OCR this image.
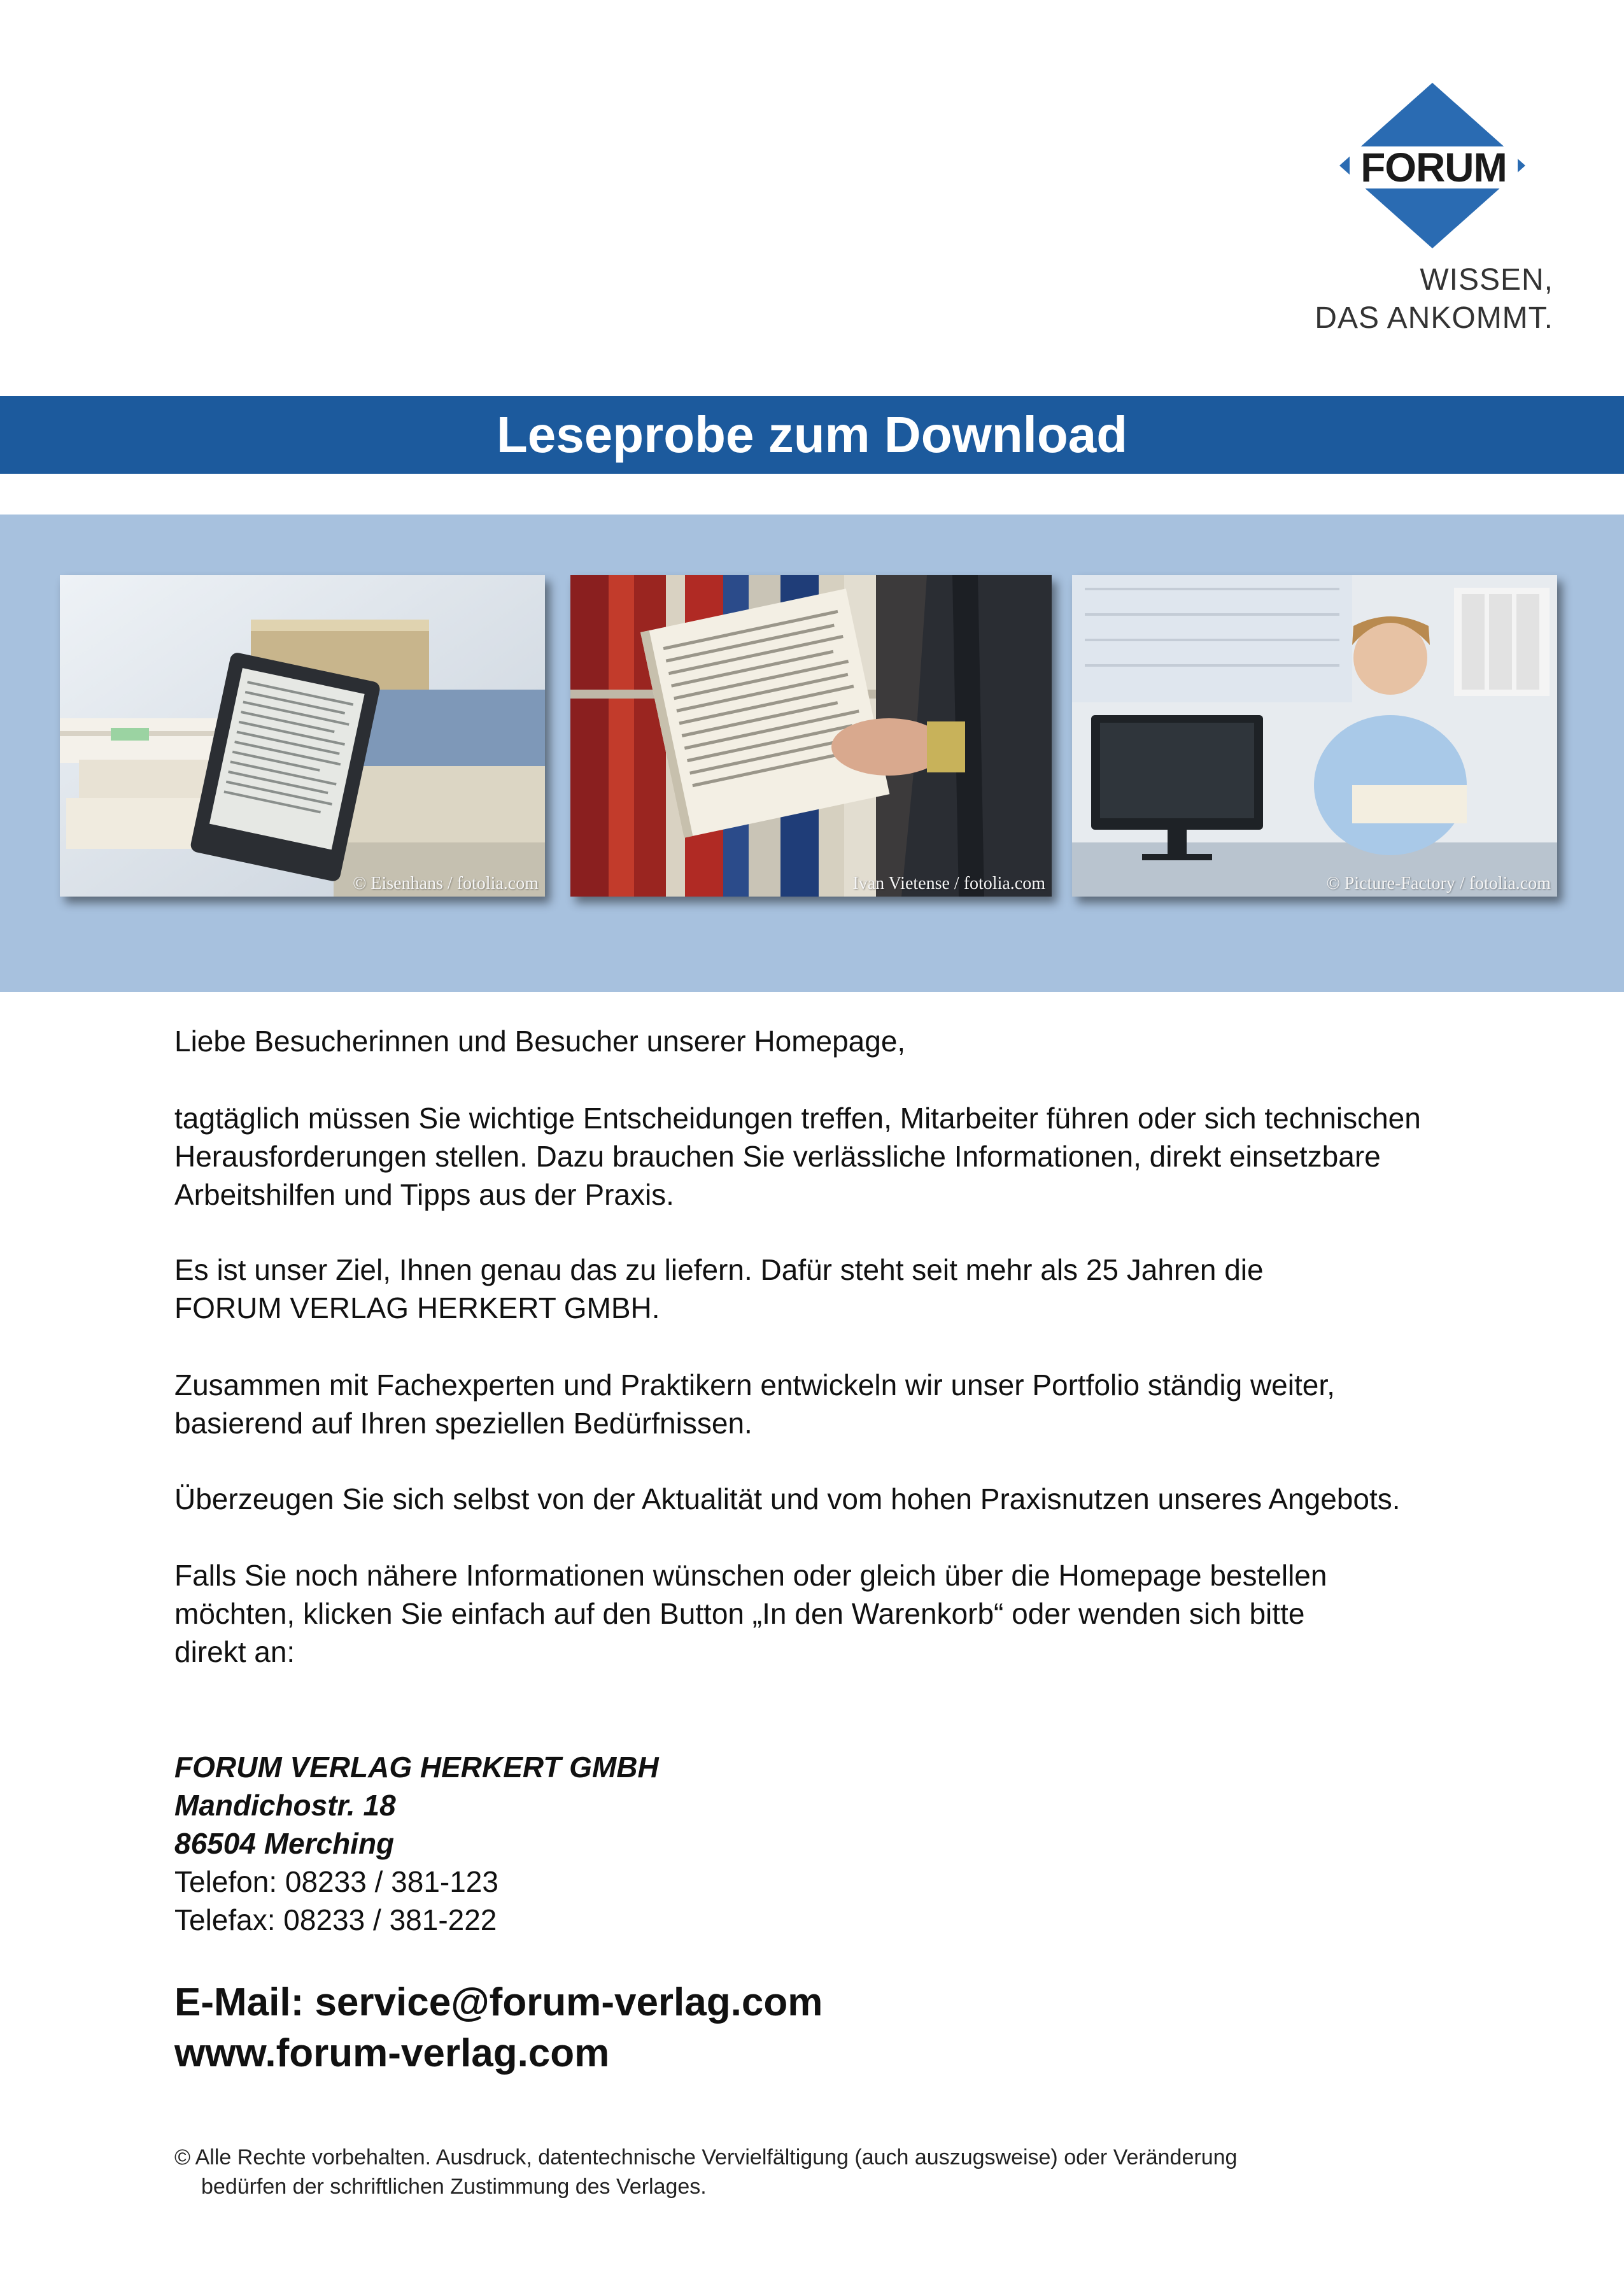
FORUM
WISSEN,
DAS ANKOMMT.
Leseprobe zum Download
© Eisenhans / fotolia.com	Ivan Vietense / fotolia.com	© Picture-Factory / fotolia.com
Liebe Besucherinnen und Besucher unserer Homepage,
tagtäglich müssen Sie wichtige Entscheidungen treffen, Mitarbeiter führen oder sich technischen
Herausforderungen stellen. Dazu brauchen Sie verlässliche Informationen, direkt einsetzbare
Arbeitshilfen und Tipps aus der Praxis.
Es ist unser Ziel, Ihnen genau das zu liefern. Dafür steht seit mehr als 25 Jahren die
FORUM VERLAG HERKERT GMBH.
Zusammen mit Fachexperten und Praktikern entwickeln wir unser Portfolio ständig weiter,
basierend auf Ihren speziellen Bedürfnissen.
Überzeugen Sie sich selbst von der Aktualität und vom hohen Praxisnutzen unseres Angebots.
Falls Sie noch nähere Informationen wünschen oder gleich über die Homepage bestellen
möchten, klicken Sie einfach auf den Button „In den Warenkorb“ oder wenden sich bitte
direkt an:
FORUM VERLAG HERKERT GMBH
Mandichostr. 18
86504 Merching
Telefon: 08233 / 381-123
Telefax: 08233 / 381-222
E-Mail: service@forum-verlag.com
www.forum-verlag.com
© Alle Rechte vorbehalten. Ausdruck, datentechnische Vervielfältigung (auch auszugsweise) oder Veränderung
bedürfen der schriftlichen Zustimmung des Verlages.
